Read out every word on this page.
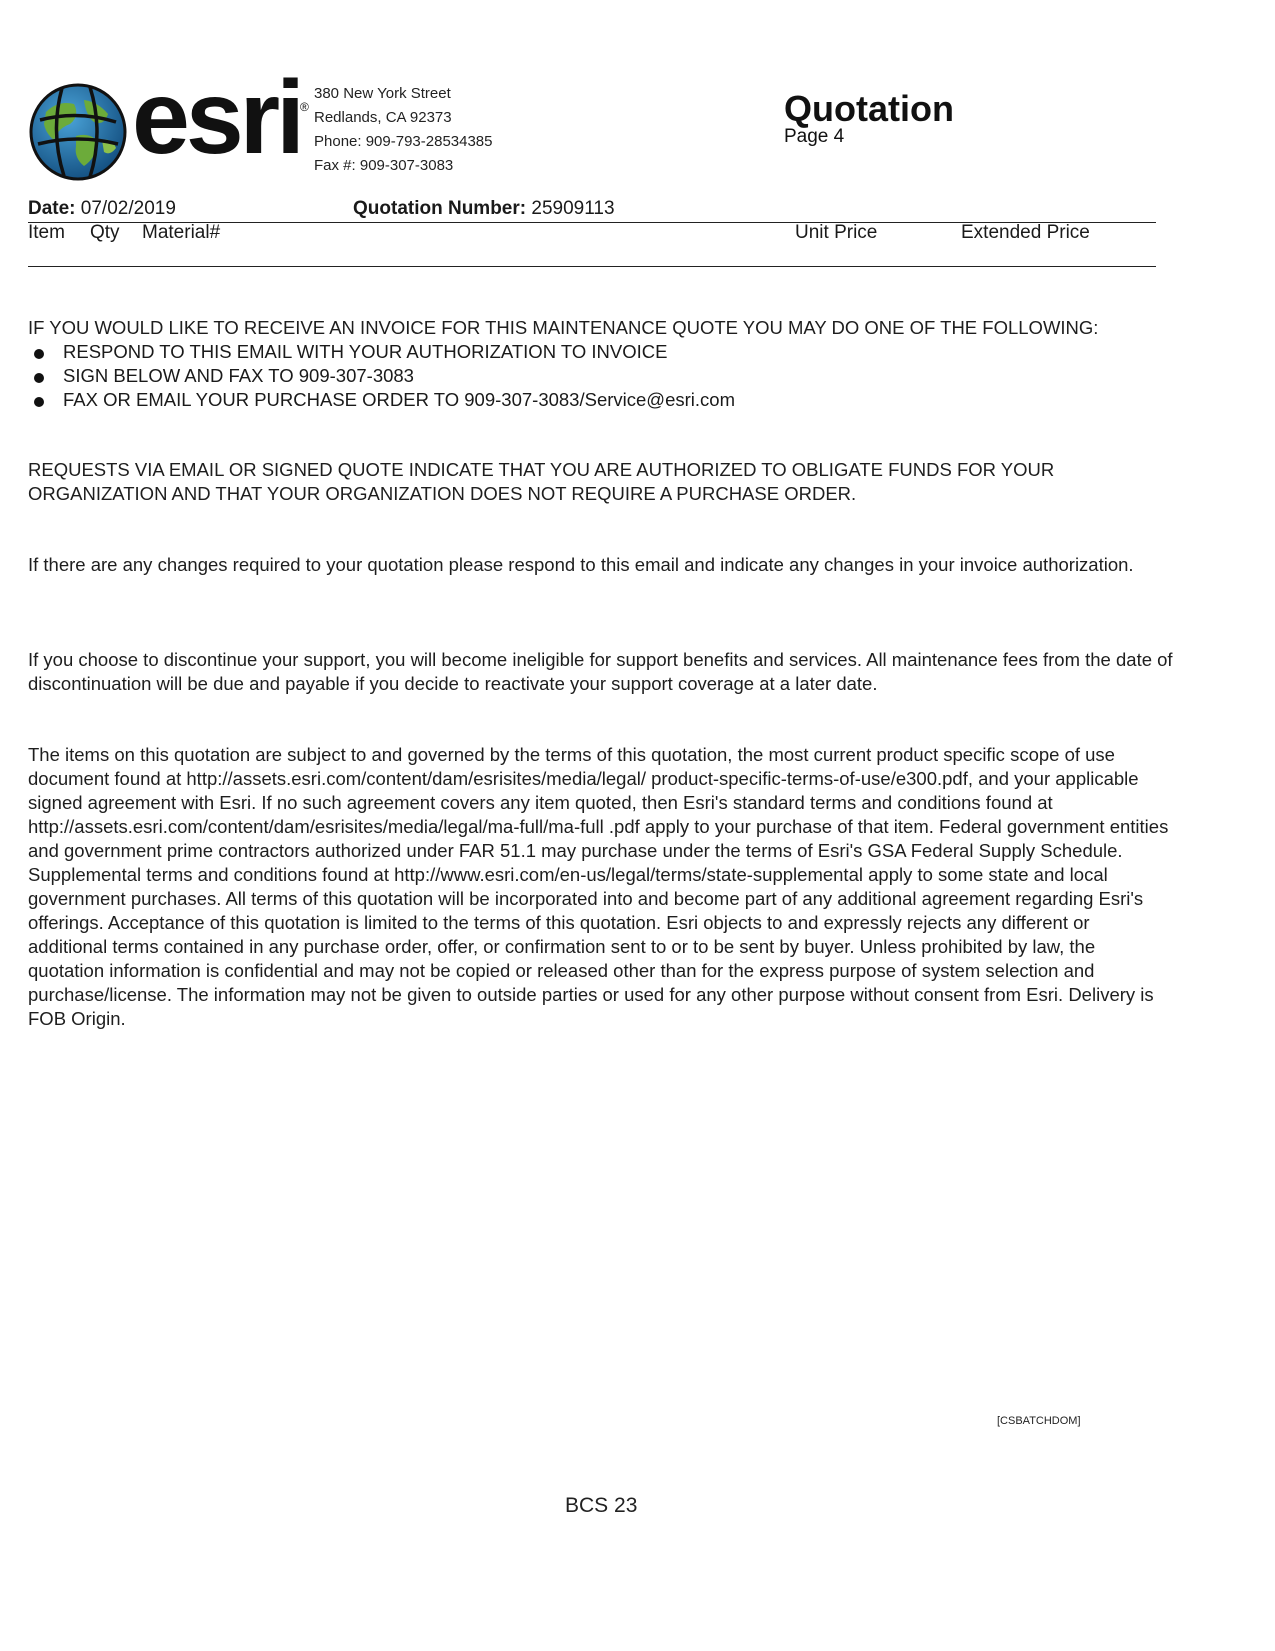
esri
®
380 New York Street
Redlands, CA 92373
Phone: 909-793-28534385
Fax #: 909-307-3083
Quotation
Page 4
Date: 07/02/2019	Quotation Number: 25909113
Item Qty Material#	Unit Price	Extended Price
IF YOU WOULD LIKE TO RECEIVE AN INVOICE FOR THIS MAINTENANCE QUOTE YOU MAY DO ONE OF THE FOLLOWING:
RESPOND TO THIS EMAIL WITH YOUR AUTHORIZATION TO INVOICE
SIGN BELOW AND FAX TO 909-307-3083
FAX OR EMAIL YOUR PURCHASE ORDER TO 909-307-3083/Service@esri.com
REQUESTS VIA EMAIL OR SIGNED QUOTE INDICATE THAT YOU ARE AUTHORIZED TO OBLIGATE FUNDS FOR YOUR ORGANIZATION AND THAT YOUR ORGANIZATION DOES NOT REQUIRE A PURCHASE ORDER.
If there are any changes required to your quotation please respond to this email and indicate any changes in your invoice authorization.
If you choose to discontinue your support, you will become ineligible for support benefits and services. All maintenance fees from the date of discontinuation will be due and payable if you decide to reactivate your support coverage at a later date.
The items on this quotation are subject to and governed by the terms of this quotation, the most current product specific scope of use document found at http://assets.esri.com/content/dam/esrisites/media/legal/ product-specific-terms-of-use/e300.pdf, and your applicable signed agreement with Esri. If no such agreement covers any item quoted, then Esri's standard terms and conditions found at http://assets.esri.com/content/dam/esrisites/media/legal/ma-full/ma-full .pdf apply to your purchase of that item. Federal government entities and government prime contractors authorized under FAR 51.1 may purchase under the terms of Esri's GSA Federal Supply Schedule. Supplemental terms and conditions found at http://www.esri.com/en-us/legal/terms/state-supplemental apply to some state and local government purchases. All terms of this quotation will be incorporated into and become part of any additional agreement regarding Esri's offerings. Acceptance of this quotation is limited to the terms of this quotation. Esri objects to and expressly rejects any different or additional terms contained in any purchase order, offer, or confirmation sent to or to be sent by buyer. Unless prohibited by law, the quotation information is confidential and may not be copied or released other than for the express purpose of system selection and purchase/license. The information may not be given to outside parties or used for any other purpose without consent from Esri. Delivery is FOB Origin.
[CSBATCHDOM]
BCS 23
